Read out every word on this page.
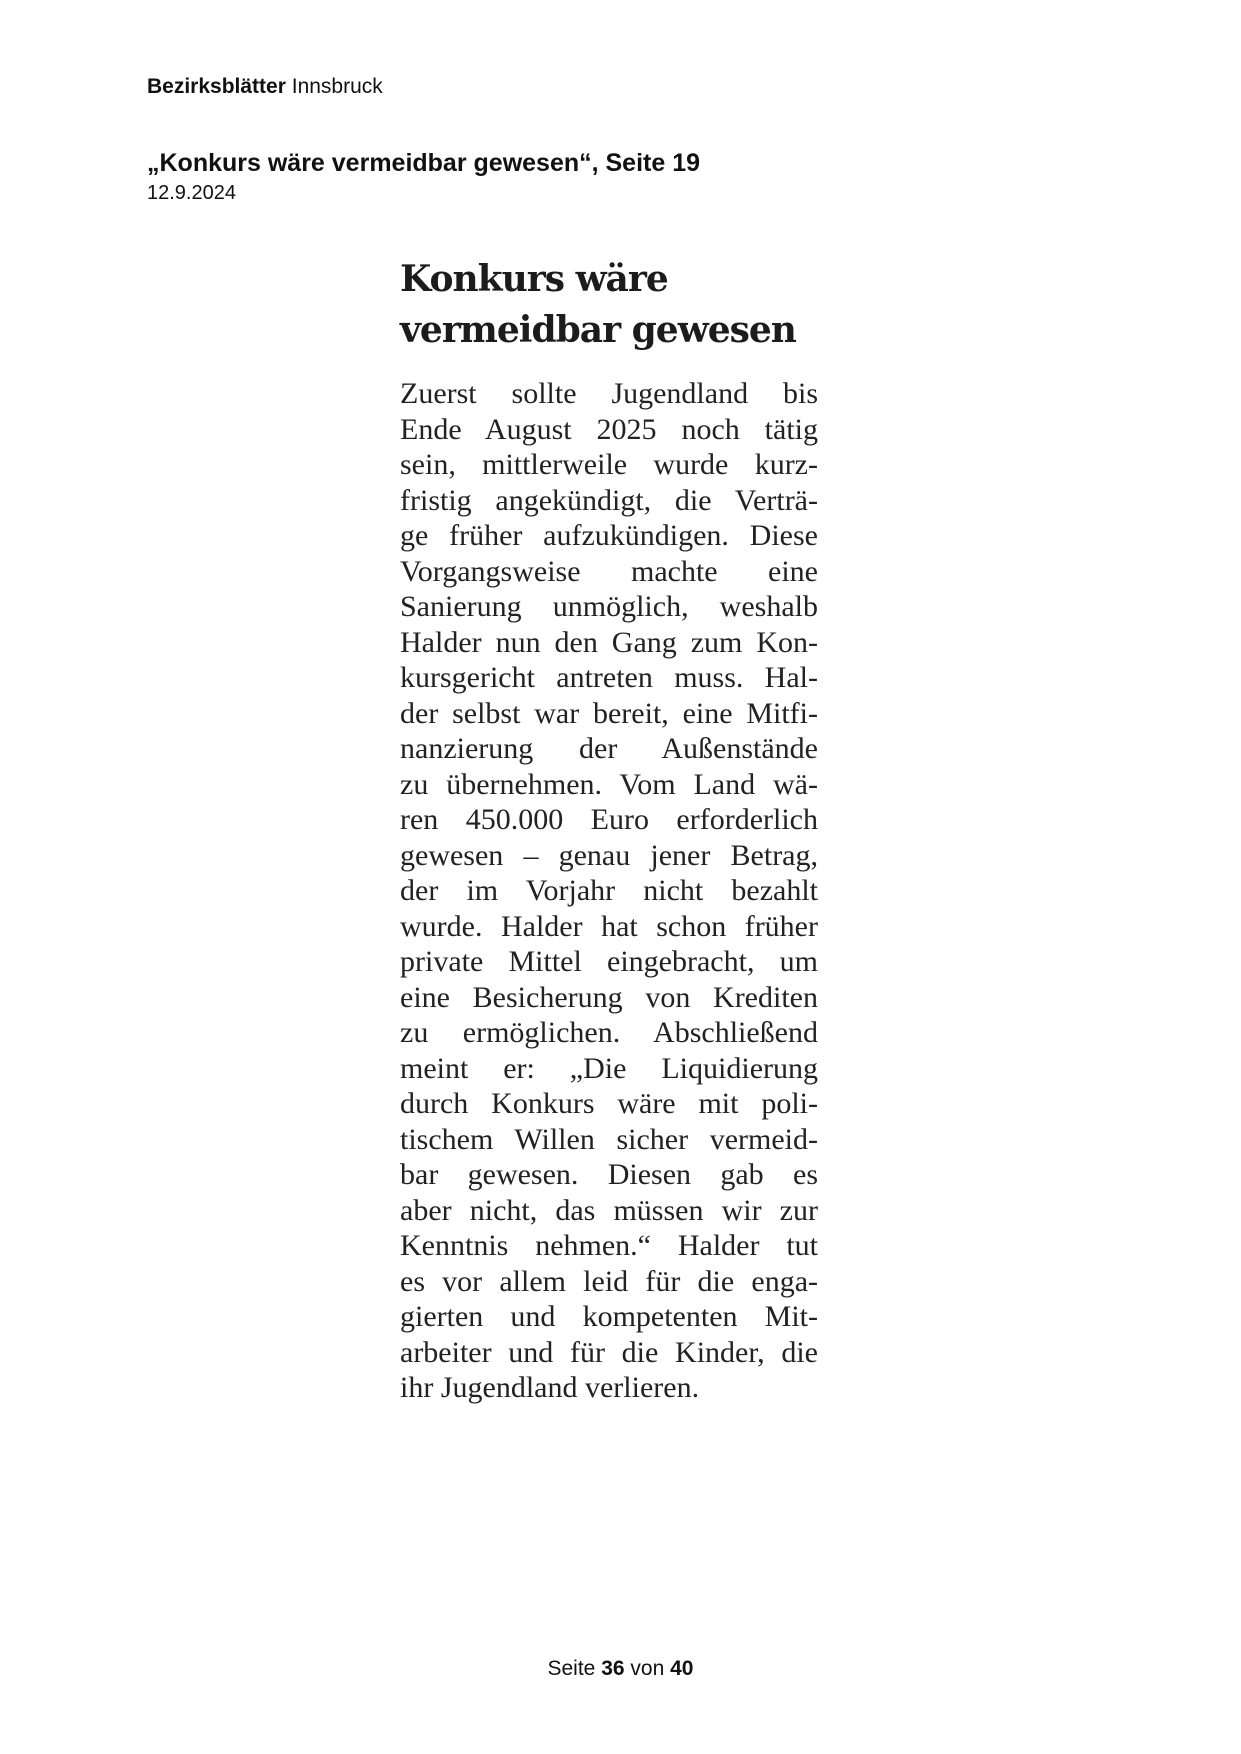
Bezirksblätter Innsbruck
„Konkurs wäre vermeidbar gewesen“, Seite 19
12.9.2024
Konkurs wäre
vermeidbar gewesen
Zuerst sollte Jugendland bis
Ende August 2025 noch tätig
sein, mittlerweile wurde kurz-
fristig angekündigt, die Verträ-
ge früher aufzukündigen. Diese
Vorgangsweise machte eine
Sanierung unmöglich, weshalb
Halder nun den Gang zum Kon-
kursgericht antreten muss. Hal-
der selbst war bereit, eine Mitfi-
nanzierung der Außenstände
zu übernehmen. Vom Land wä-
ren 450.000 Euro erforderlich
gewesen – genau jener Betrag,
der im Vorjahr nicht bezahlt
wurde. Halder hat schon früher
private Mittel eingebracht, um
eine Besicherung von Krediten
zu ermöglichen. Abschließend
meint er: „Die Liquidierung
durch Konkurs wäre mit poli-
tischem Willen sicher vermeid-
bar gewesen. Diesen gab es
aber nicht, das müssen wir zur
Kenntnis nehmen.“ Halder tut
es vor allem leid für die enga-
gierten und kompetenten Mit-
arbeiter und für die Kinder, die
ihr Jugendland verlieren.
Seite 36 von 40
